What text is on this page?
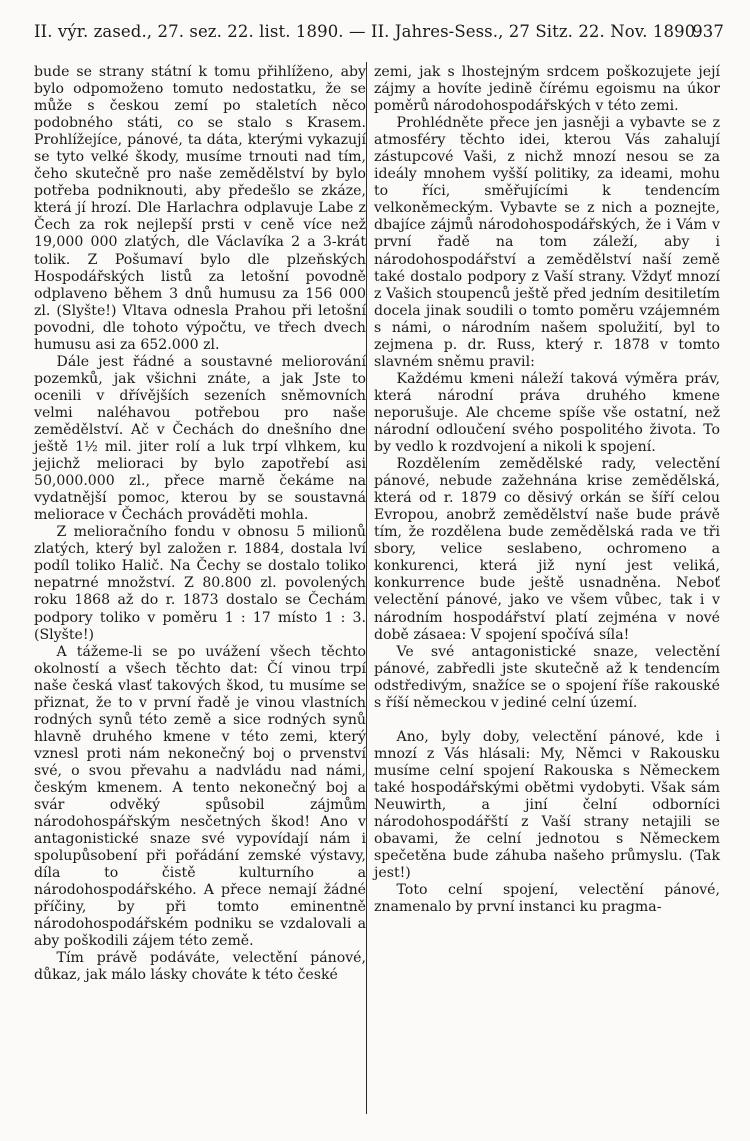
II. výr. zased., 27. sez. 22. list. 1890. — II. Jahres-Sess., 27 Sitz. 22. Nov. 1890.
937

bude se strany státní k tomu přihlíženo, aby bylo odpomoženo tomuto nedostatku, že se může s českou zemí po staletích něco podobného státi, co se stalo s Krasem. Prohlížejíce, pánové, ta dáta, kterými vykazují se tyto velké škody, musíme trnouti nad tím, čeho skutečně pro naše zemědělství by bylo potřeba podniknouti, aby předešlo se zkáze, která jí hrozí. Dle Harlachra odplavuje Labe z Čech za rok nejlepší prsti v ceně více než 19,000 000 zlatých, dle Václavíka 2 a 3-krát tolik. Z Pošumaví bylo dle plzeňských Hospodářských listů za letošní povodně odplaveno během 3 dnů humusu za 156 000 zl. (Slyšte!) Vltava odnesla Prahou při letošní povodni, dle tohoto výpočtu, ve třech dvech humusu asi za 652.000 zl.

Dále jest řádné a soustavné meliorování pozemků, jak všichni znáte, a jak Jste to ocenili v dřívějších sezeních sněmovních velmi naléhavou potřebou pro naše zemědělství. Ač v Čechách do dnešního dne ještě 1½ mil. jiter rolí a luk trpí vlhkem, ku jejichž melioraci by bylo zapotřebí asi 50,000.000 zl., přece marně čekáme na vydatnější pomoc, kterou by se soustavná meliorace v Čechách prováděti mohla.

Z melioračního fondu v obnosu 5 milionů zlatých, který byl založen r. 1884, dostala lví podíl toliko Halič. Na Čechy se dostalo toliko nepatrné množství. Z 80.800 zl. povolených roku 1868 až do r. 1873 dostalo se Čechám podpory toliko v poměru 1 : 17 místo 1 : 3. (Slyšte!)

A tážeme-li se po uvážení všech těchto okolností a všech těchto dat: Čí vinou trpí naše česká vlasť takových škod, tu musíme se přiznat, že to v první řadě je vinou vlastních rodných synů této země a sice rodných synů hlavně druhého kmene v této zemi, který vznesl proti nám nekonečný boj o prvenství své, o svou převahu a nadvládu nad námi, českým kmenem. A tento nekonečný boj a svár odvěký spůsobil zájmům národohospářským nesčetných škod! Ano v antagonistické snaze své vypovídají nám i spolupůsobení při pořádání zemské výstavy, díla to čistě kulturního a národohospodářského. A přece nemají žádné příčiny, by při tomto eminentně národohospodářském podniku se vzdalovali a aby poškodili zájem této země.

Tím právě podáváte, velectění pánové, důkaz, jak málo lásky chováte k této české

zemi, jak s lhostejným srdcem poškozujete její zájmy a hovíte jedině čírému egoismu na úkor poměrů národohospodářských v této zemi.

Prohlédněte přece jen jasněji a vybavte se z atmosféry těchto idei, kterou Vás zahalují zástupcové Vaši, z nichž mnozí nesou se za ideály mnohem vyšší politiky, za ideami, mohu to říci, směřujícími k tendencím velkoněmeckým. Vybavte se z nich a poznejte, dbajíce zájmů národohospodářských, že i Vám v první řadě na tom záleží, aby i národohospodářství a zemědělství naší země také dostalo podpory z Vaší strany. Vždyť mnozí z Vašich stoupenců ještě před jedním desitiletím docela jinak soudili o tomto poměru vzájemném s námi, o národním našem spolužití, byl to zejmena p. dr. Russ, který r. 1878 v tomto slavném sněmu pravil:

Každému kmeni náleží taková výměra práv, která národní práva druhého kmene neporušuje. Ale chceme spíše vše ostatní, než národní odloučení svého pospolitého života. To by vedlo k rozdvojení a nikoli k spojení.

Rozdělením zemědělské rady, velectění pánové, nebude zažehnána krise zemědělská, která od r. 1879 co děsivý orkán se šíří celou Evropou, anobrž zemědělství naše bude právě tím, že rozdělena bude zemědělská rada ve tři sbory, velice seslabeno, ochromeno a konkurenci, která již nyní jest veliká, konkurrence bude ještě usnadněna. Neboť velectění pánové, jako ve všem vůbec, tak i v národním hospodářství platí zejména v nové době zásaea: V spojení spočívá síla!

Ve své antagonistické snaze, velectění pánové, zabředli jste skutečně až k tendencím odstředivým, snažíce se o spojení říše rakouské s říší německou v jediné celní území.

Ano, byly doby, velectění pánové, kde i mnozí z Vás hlásali: My, Němci v Rakousku musíme celní spojení Rakouska s Německem také hospodářskými obětmi vydobyti. Však sám Neuwirth, a jiní čelní odborníci národohospodářští z Vaší strany netajili se obavami, že celní jednotou s Německem spečetěna bude záhuba našeho průmyslu. (Tak jest!)

Toto celní spojení, velectění pánové, znamenalo by první instanci ku pragma-
